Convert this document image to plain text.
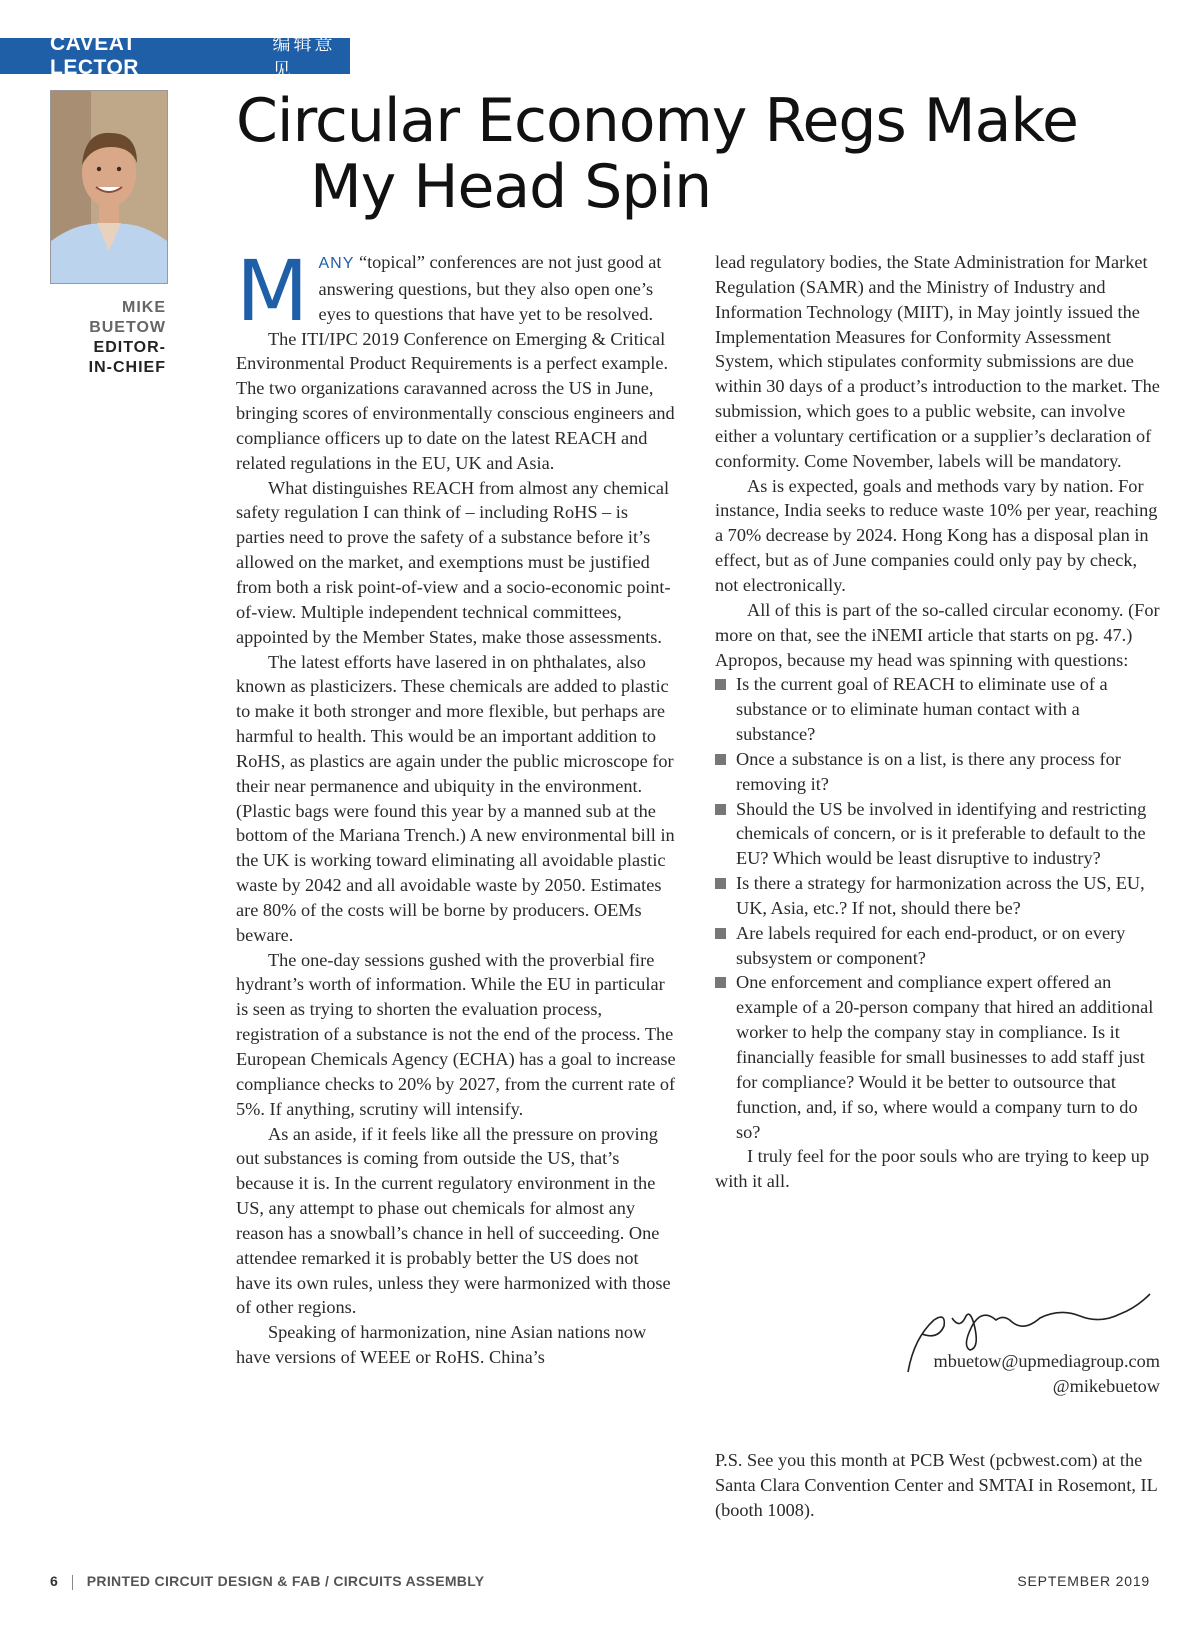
CAVEAT LECTOR
编辑意见
MIKE
BUETOW
EDITOR-
IN-CHIEF
Circular Economy Regs Make
My Head Spin

MANY “topical” conferences are not just good at answering questions, but they also open one’s eyes to questions that have yet to be resolved.

The ITI/IPC 2019 Conference on Emerging & Critical Environmental Product Requirements is a perfect example. The two organizations caravanned across the US in June, bringing scores of environmentally conscious engineers and compliance officers up to date on the latest REACH and related regulations in the EU, UK and Asia.

What distinguishes REACH from almost any chemical safety regulation I can think of – including RoHS – is parties need to prove the safety of a substance before it’s allowed on the market, and exemptions must be justified from both a risk point-of-view and a socio-economic point-of-view. Multiple independent technical committees, appointed by the Member States, make those assessments.

The latest efforts have lasered in on phthalates, also known as plasticizers. These chemicals are added to plastic to make it both stronger and more flexible, but perhaps are harmful to health. This would be an important addition to RoHS, as plastics are again under the public microscope for their near permanence and ubiquity in the environment. (Plastic bags were found this year by a manned sub at the bottom of the Mariana Trench.) A new environmental bill in the UK is working toward eliminating all avoidable plastic waste by 2042 and all avoidable waste by 2050. Estimates are 80% of the costs will be borne by producers. OEMs beware.

The one-day sessions gushed with the proverbial fire hydrant’s worth of information. While the EU in particular is seen as trying to shorten the evaluation process, registration of a substance is not the end of the process. The European Chemicals Agency (ECHA) has a goal to increase compliance checks to 20% by 2027, from the current rate of 5%. If anything, scrutiny will intensify.

As an aside, if it feels like all the pressure on proving out substances is coming from outside the US, that’s because it is. In the current regulatory environment in the US, any attempt to phase out chemicals for almost any reason has a snowball’s chance in hell of succeeding. One attendee remarked it is probably better the US does not have its own rules, unless they were harmonized with those of other regions.

Speaking of harmonization, nine Asian nations now have versions of WEEE or RoHS. China’s

lead regulatory bodies, the State Administration for Market Regulation (SAMR) and the Ministry of Industry and Information Technology (MIIT), in May jointly issued the Implementation Measures for Conformity Assessment System, which stipulates conformity submissions are due within 30 days of a product’s introduction to the market. The submission, which goes to a public website, can involve either a voluntary certification or a supplier’s declaration of conformity. Come November, labels will be mandatory.

As is expected, goals and methods vary by nation. For instance, India seeks to reduce waste 10% per year, reaching a 70% decrease by 2024. Hong Kong has a disposal plan in effect, but as of June companies could only pay by check, not electronically.

All of this is part of the so-called circular economy. (For more on that, see the iNEMI article that starts on pg. 47.) Apropos, because my head was spinning with questions:

Is the current goal of REACH to eliminate use of a substance or to eliminate human contact with a substance?
Once a substance is on a list, is there any process for removing it?
Should the US be involved in identifying and restricting chemicals of concern, or is it preferable to default to the EU? Which would be least disruptive to industry?
Is there a strategy for harmonization across the US, EU, UK, Asia, etc.? If not, should there be?
Are labels required for each end-product, or on every subsystem or component?
One enforcement and compliance expert offered an example of a 20-person company that hired an additional worker to help the company stay in compliance. Is it financially feasible for small businesses to add staff just for compliance? Would it be better to outsource that function, and, if so, where would a company turn to do so?

I truly feel for the poor souls who are trying to keep up with it all.

mbuetow@upmediagroup.com
@mikebuetow
P.S. See you this month at PCB West (pcbwest.com) at the Santa Clara Convention Center and SMTAI in Rosemont, IL (booth 1008).
6 PRINTED CIRCUIT DESIGN & FAB / CIRCUITS ASSEMBLY	SEPTEMBER 2019
